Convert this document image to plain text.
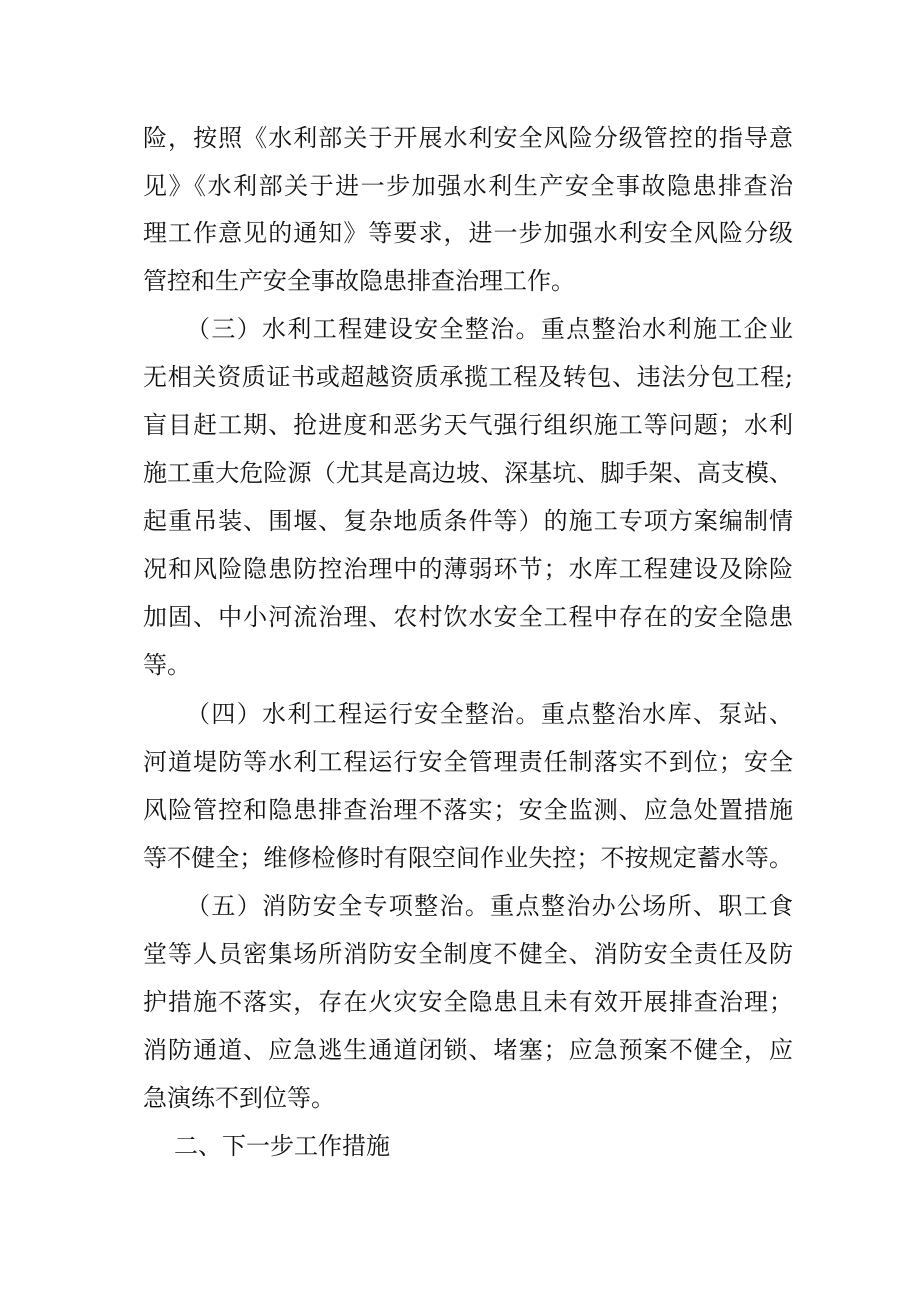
险，按照《水利部关于开展水利安全风险分级管控的指导意
见》《水利部关于进一步加强水利生产安全事故隐患排查治
理工作意见的通知》等要求，进一步加强水利安全风险分级
管控和生产安全事故隐患排查治理工作。
（三）水利工程建设安全整治。重点整治水利施工企业
无相关资质证书或超越资质承揽工程及转包、违法分包工程;
盲目赶工期、抢进度和恶劣天气强行组织施工等问题；水利
施工重大危险源（尤其是高边坡、深基坑、脚手架、高支模、
起重吊装、围堰、复杂地质条件等）的施工专项方案编制情
况和风险隐患防控治理中的薄弱环节；水库工程建设及除险
加固、中小河流治理、农村饮水安全工程中存在的安全隐患
等。
（四）水利工程运行安全整治。重点整治水库、泵站、
河道堤防等水利工程运行安全管理责任制落实不到位；安全
风险管控和隐患排查治理不落实；安全监测、应急处置措施
等不健全；维修检修时有限空间作业失控；不按规定蓄水等。
（五）消防安全专项整治。重点整治办公场所、职工食
堂等人员密集场所消防安全制度不健全、消防安全责任及防
护措施不落实，存在火灾安全隐患且未有效开展排查治理；
消防通道、应急逃生通道闭锁、堵塞；应急预案不健全，应
急演练不到位等。
二、下一步工作措施
